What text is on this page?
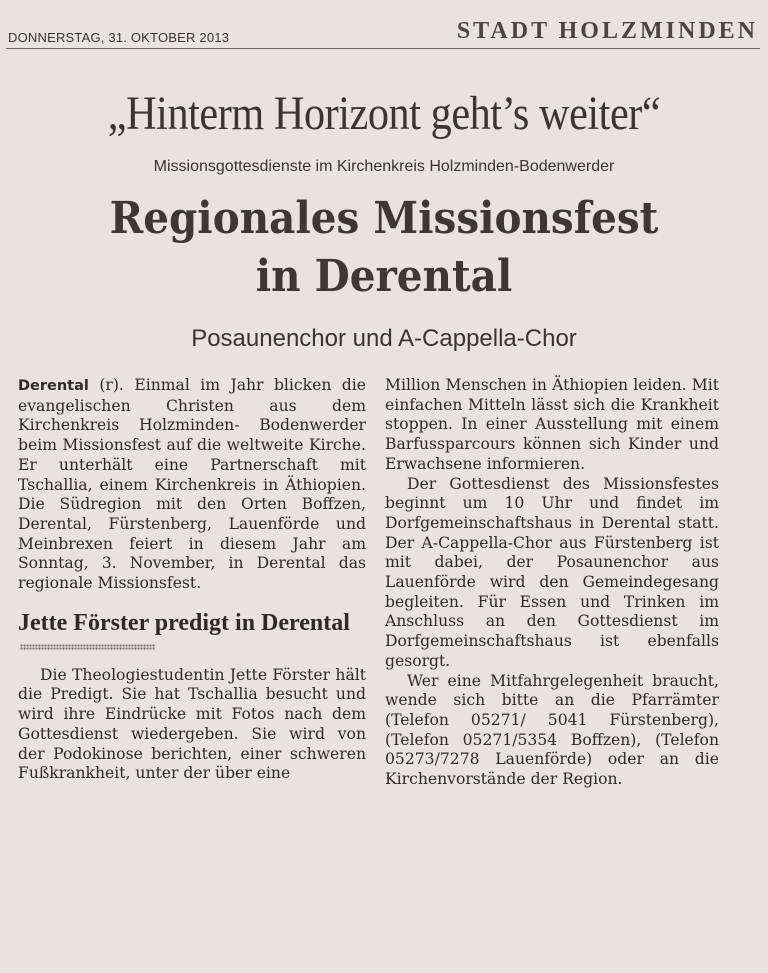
DONNERSTAG, 31. OKTOBER 2013	STADT HOLZMINDEN
„Hinterm Horizont geht’s weiter“
Missionsgottesdienste im Kirchenkreis Holzminden-Bodenwerder
Regionales Missionsfest
in Derental
Posaunenchor und A-Cappella-Chor

Derental (r). Einmal im Jahr blicken die evangelischen Christen aus dem Kirchenkreis Holzminden- Bodenwerder beim Missionsfest auf die weltweite Kirche. Er unterhält eine Partnerschaft mit Tschallia, einem Kirchenkreis in Äthiopien. Die Südregion mit den Orten Boffzen, Derental, Fürstenberg, Lauenförde und Meinbrexen feiert in diesem Jahr am Sonntag, 3. November, in Derental das regionale Missionsfest.

Jette Förster predigt in Derental

Die Theologiestudentin Jette Förster hält die Predigt. Sie hat Tschallia besucht und wird ihre Eindrücke mit Fotos nach dem Gottesdienst wiedergeben. Sie wird von der Podokinose berichten, einer schweren Fußkrankheit, unter der über eine

Million Menschen in Äthiopien leiden. Mit einfachen Mitteln lässt sich die Krankheit stoppen. In einer Ausstellung mit einem Barfussparcours können sich Kinder und Erwachsene informieren.

Der Gottesdienst des Missionsfestes beginnt um 10 Uhr und findet im Dorfgemeinschaftshaus in Derental statt. Der A-Cappella-Chor aus Fürstenberg ist mit dabei, der Posaunenchor aus Lauenförde wird den Gemeindegesang begleiten. Für Essen und Trinken im Anschluss an den Gottesdienst im Dorfgemeinschaftshaus ist ebenfalls gesorgt.

Wer eine Mitfahrgelegenheit braucht, wende sich bitte an die Pfarrämter (Telefon 05271/ 5041 Fürstenberg), (Telefon 05271/5354 Boffzen), (Telefon 05273/7278 Lauenförde) oder an die Kirchenvorstände der Region.
